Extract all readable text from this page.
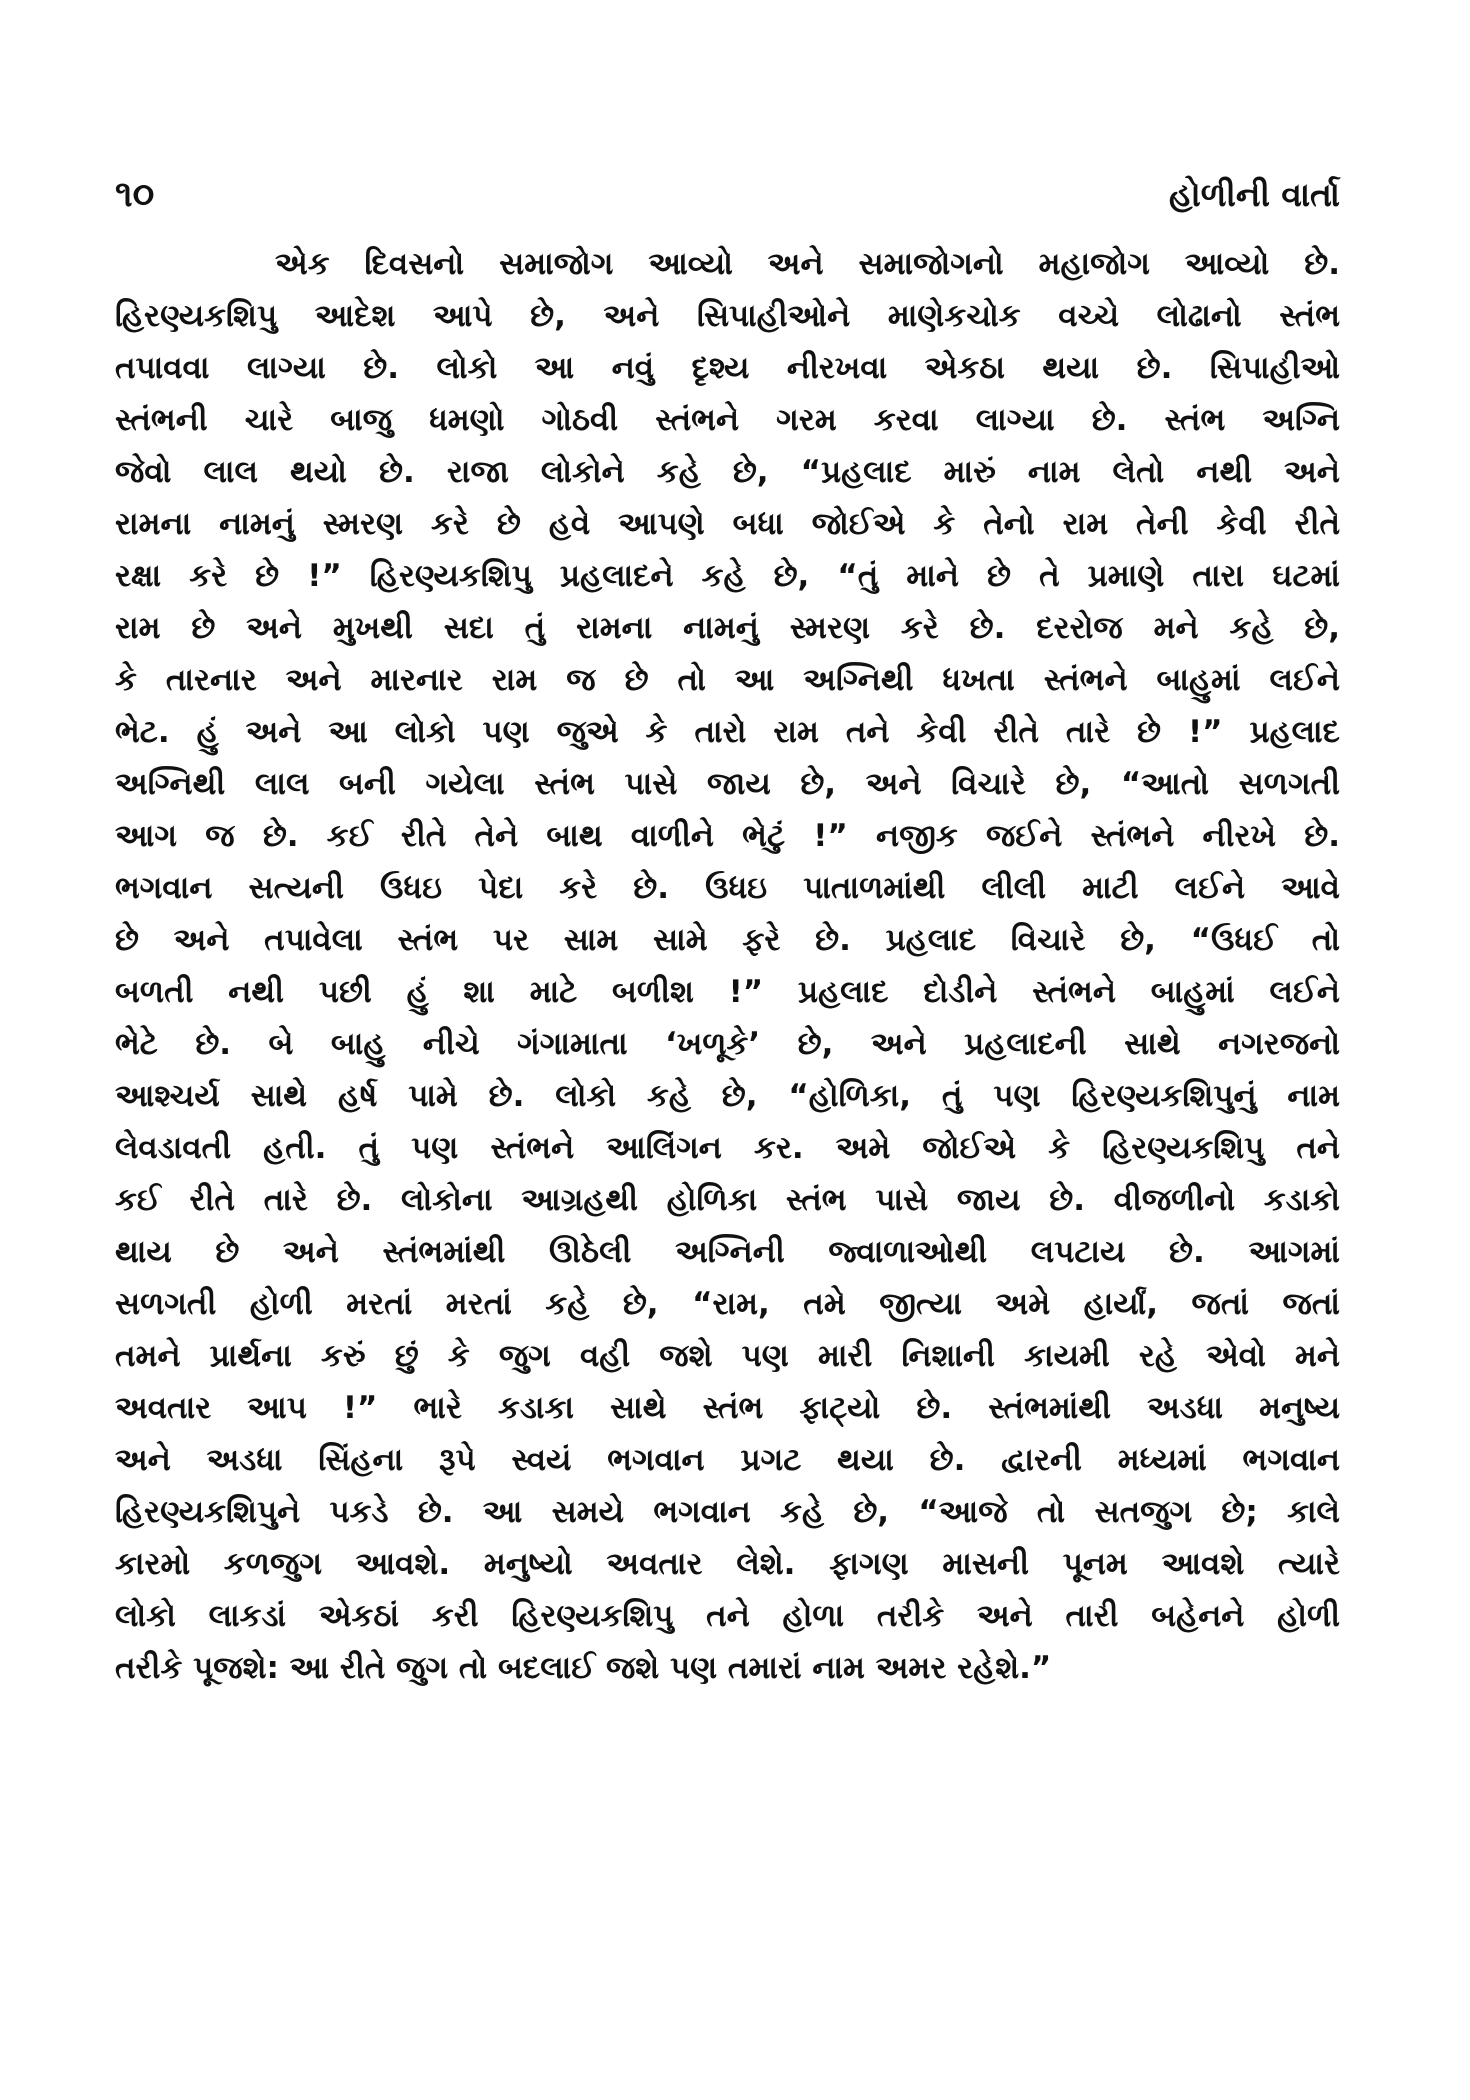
૧૦	હોળીની વાર્તા
એક દિવસનો સમાજોગ આવ્યો અને સમાજોગનો મહાજોગ આવ્યો છે.
હિરણ્યકશિપુ આદેશ આપે છે, અને સિપાહીઓને માણેકચોક વચ્ચે લોઢાનો સ્તંભ
તપાવવા લાગ્યા છે. લોકો આ નવું દૃશ્ય નીરખવા એકઠા થયા છે. સિપાહીઓ
સ્તંભની ચારે બાજુ ધમણો ગોઠવી સ્તંભને ગરમ કરવા લાગ્યા છે. સ્તંભ અગ્નિ
જેવો લાલ થયો છે. રાજા લોકોને કહે છે, “પ્રહલાદ મારું નામ લેતો નથી અને
રામના નામનું સ્મરણ કરે છે હવે આપણે બધા જોઈએ કે તેનો રામ તેની કેવી રીતે
રક્ષા કરે છે !” હિરણ્યકશિપુ પ્રહલાદને કહે છે, “તું માને છે તે પ્રમાણે તારા ઘટમાં
રામ છે અને મુખથી સદા તું રામના નામનું સ્મરણ કરે છે. દરરોજ મને કહે છે,
કે તારનાર અને મારનાર રામ જ છે તો આ અગ્નિથી ધખતા સ્તંભને બાહુમાં લઈને
ભેટ. હું અને આ લોકો પણ જુએ કે તારો રામ તને કેવી રીતે તારે છે !” પ્રહલાદ
અગ્નિથી લાલ બની ગયેલા સ્તંભ પાસે જાય છે, અને વિચારે છે, “આતો સળગતી
આગ જ છે. કઈ રીતે તેને બાથ વાળીને ભેટું !” નજીક જઈને સ્તંભને નીરખે છે.
ભગવાન સત્યની ઉધઇ પેદા કરે છે. ઉધઇ પાતાળમાંથી લીલી માટી લઈને આવે
છે અને તપાવેલા સ્તંભ પર સામ સામે ફરે છે. પ્રહલાદ વિચારે છે, “ઉધઈ તો
બળતી નથી પછી હું શા માટે બળીશ !” પ્રહલાદ દોડીને સ્તંભને બાહુમાં લઈને
ભેટે છે. બે બાહુ નીચે ગંગામાતા ‘ખળૂકે’ છે, અને પ્રહલાદની સાથે નગરજનો
આશ્ચર્ય સાથે હર્ષ પામે છે. લોકો કહે છે, “હોળિકા, તું પણ હિરણ્યકશિપુનું નામ
લેવડાવતી હતી. તું પણ સ્તંભને આલિંગન કર. અમે જોઈએ કે હિરણ્યકશિપુ તને
કઈ રીતે તારે છે. લોકોના આગ્રહથી હોળિકા સ્તંભ પાસે જાય છે. વીજળીનો કડાકો
થાય છે અને સ્તંભમાંથી ઊઠેલી અગ્નિની જ્વાળાઓથી લપટાય છે. આગમાં
સળગતી હોળી મરતાં મરતાં કહે છે, “રામ, તમે જીત્યા અમે હાર્યાં, જતાં જતાં
તમને પ્રાર્થના કરું છું કે જુગ વહી જશે પણ મારી નિશાની કાયમી રહે એવો મને
અવતાર આપ !” ભારે કડાકા સાથે સ્તંભ ફાટ્યો છે. સ્તંભમાંથી અડધા મનુષ્ય
અને અડધા સિંહના રૂપે સ્વયં ભગવાન પ્રગટ થયા છે. દ્વારની મધ્યમાં ભગવાન
હિરણ્યકશિપુને પકડે છે. આ સમયે ભગવાન કહે છે, “આજે તો સતજુગ છે; કાલે
કારમો કળજુગ આવશે. મનુષ્યો અવતાર લેશે. ફાગણ માસની પૂનમ આવશે ત્યારે
લોકો લાકડાં એકઠાં કરી હિરણ્યકશિપુ તને હોળા તરીકે અને તારી બહેનને હોળી
તરીકે પૂજશે: આ રીતે જુગ તો બદલાઈ જશે પણ તમારાં નામ અમર રહેશે.”
